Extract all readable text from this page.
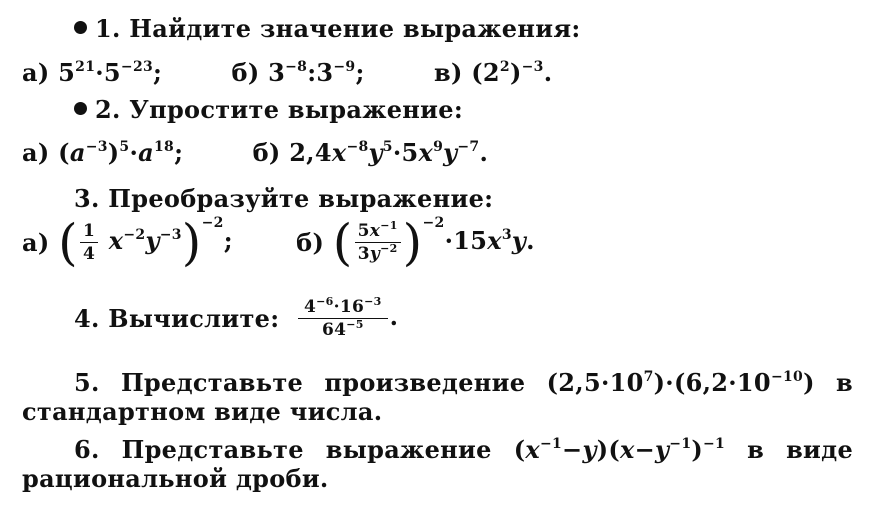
1. Найдите значение выражения:
а) $5^{21}\cdot 5^{-23}$;	б) $3^{-8}:3^{-9}$;	в) $(2^2)^{-3}$.
2. Упростите выражение:
а) $(a^{-3})^5\cdot a^{18}$;	б) $2,4x^{-8}y^5\cdot 5x^9y^{-7}$.
3. Преобразуйте выражение:
а) ( $\frac{1}{4} x^{-2}y^{-3})^{-2}$;	б) ( $\frac{5x^{-1}}{3y^{-2}} )^{-2}\cdot 15x^3y$.
4. Вычислите: $\frac{4^{-6}\cdot 16^{-3}}{64^{-5}}$ .
5. Представьте произведение $(2,5\cdot 10^7)\cdot(6,2\cdot 10^{-10})$ в
стандартном виде числа.
6. Представьте выражение $(x^{-1}-y)(x-y^{-1})^{-1}$ в виде
рациональной дроби.
